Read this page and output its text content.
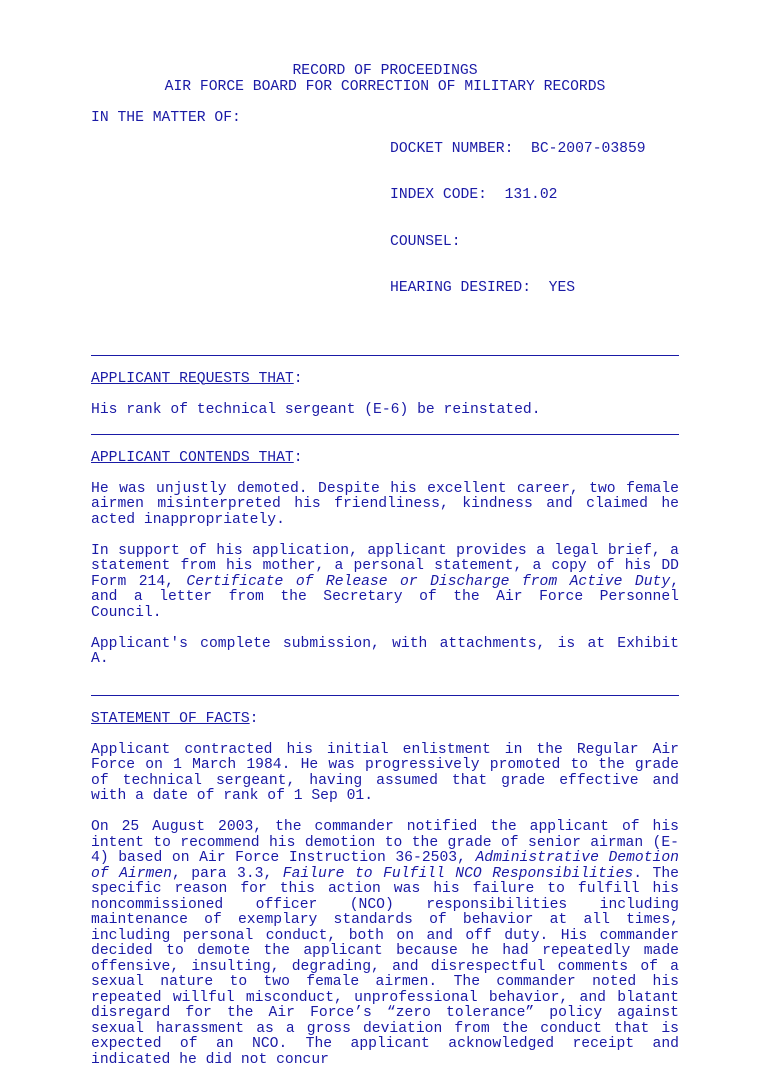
RECORD OF PROCEEDINGS
AIR FORCE BOARD FOR CORRECTION OF MILITARY RECORDS
IN THE MATTER OF:

DOCKET NUMBER:  BC-2007-03859

INDEX CODE:  131.02

COUNSEL:

HEARING DESIRED:  YES

APPLICANT REQUESTS THAT:

His rank of technical sergeant (E-6) be reinstated.

APPLICANT CONTENDS THAT:

He was unjustly demoted. Despite his excellent career, two female airmen misinterpreted his friendliness, kindness and claimed he acted inappropriately.

In support of his application, applicant provides a legal brief, a statement from his mother, a personal statement, a copy of his DD Form 214, Certificate of Release or Discharge from Active Duty, and a letter from the Secretary of the Air Force Personnel Council.

Applicant's complete submission, with attachments, is at Exhibit A.

STATEMENT OF FACTS:

Applicant contracted his initial enlistment in the Regular Air Force on 1 March 1984. He was progressively promoted to the grade of technical sergeant, having assumed that grade effective and with a date of rank of 1 Sep 01.

On 25 August 2003, the commander notified the applicant of his intent to recommend his demotion to the grade of senior airman (E-4) based on Air Force Instruction 36-2503, Administrative Demotion of Airmen, para 3.3, Failure to Fulfill NCO Responsibilities. The specific reason for this action was his failure to fulfill his noncommissioned officer (NCO) responsibilities including maintenance of exemplary standards of behavior at all times, including personal conduct, both on and off duty. His commander decided to demote the applicant because he had repeatedly made offensive, insulting, degrading, and disrespectful comments of a sexual nature to two female airmen. The commander noted his repeated willful misconduct, unprofessional behavior, and blatant disregard for the Air Force’s “zero tolerance” policy against sexual harassment as a gross deviation from the conduct that is expected of an NCO. The applicant acknowledged receipt and indicated he did not concur
